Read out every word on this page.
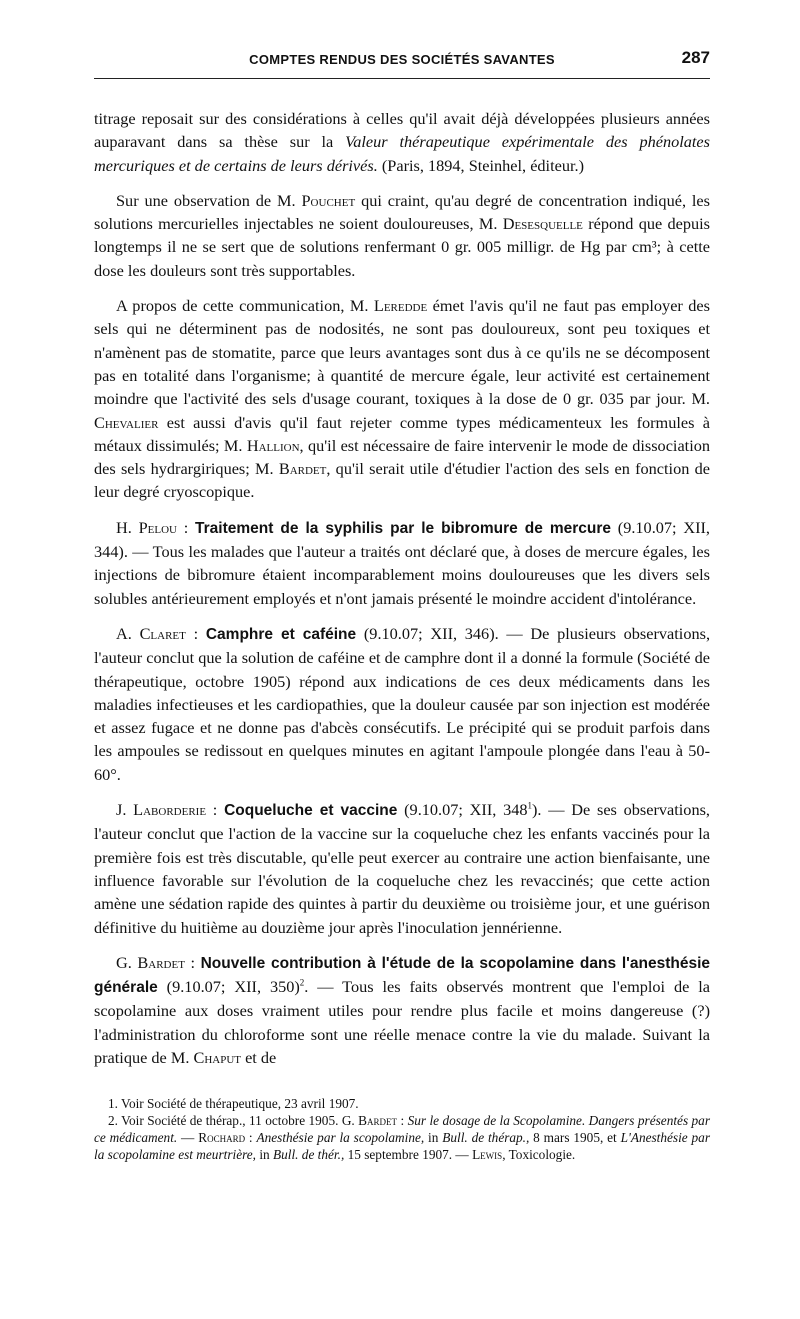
COMPTES RENDUS DES SOCIÉTÉS SAVANTES	287

titrage reposait sur des considérations à celles qu'il avait déjà développées plusieurs années auparavant dans sa thèse sur la Valeur thérapeutique expérimentale des phénolates mercuriques et de certains de leurs dérivés. (Paris, 1894, Steinhel, éditeur.)

Sur une observation de M. Pouchet qui craint, qu'au degré de concentration indiqué, les solutions mercurielles injectables ne soient douloureuses, M. Desesquelle répond que depuis longtemps il ne se sert que de solutions renfermant 0 gr. 005 milligr. de Hg par cm³; à cette dose les douleurs sont très supportables.

A propos de cette communication, M. Leredde émet l'avis qu'il ne faut pas employer des sels qui ne déterminent pas de nodosités, ne sont pas douloureux, sont peu toxiques et n'amènent pas de stomatite, parce que leurs avantages sont dus à ce qu'ils ne se décomposent pas en totalité dans l'organisme; à quantité de mercure égale, leur activité est certainement moindre que l'activité des sels d'usage courant, toxiques à la dose de 0 gr. 035 par jour. M. Chevalier est aussi d'avis qu'il faut rejeter comme types médicamenteux les formules à métaux dissimulés; M. Hallion, qu'il est nécessaire de faire intervenir le mode de dissociation des sels hydrargiriques; M. Bardet, qu'il serait utile d'étudier l'action des sels en fonction de leur degré cryoscopique.

H. Pelou : Traitement de la syphilis par le bibromure de mercure (9.10.07; XII, 344). — Tous les malades que l'auteur a traités ont déclaré que, à doses de mercure égales, les injections de bibromure étaient incomparablement moins douloureuses que les divers sels solubles antérieurement employés et n'ont jamais présenté le moindre accident d'intolérance.

A. Claret : Camphre et caféine (9.10.07; XII, 346). — De plusieurs observations, l'auteur conclut que la solution de caféine et de camphre dont il a donné la formule (Société de thérapeutique, octobre 1905) répond aux indications de ces deux médicaments dans les maladies infectieuses et les cardiopathies, que la douleur causée par son injection est modérée et assez fugace et ne donne pas d'abcès consécutifs. Le précipité qui se produit parfois dans les ampoules se redissout en quelques minutes en agitant l'ampoule plongée dans l'eau à 50-60°.

J. Laborderie : Coqueluche et vaccine (9.10.07; XII, $348^1$). — De ses observations, l'auteur conclut que l'action de la vaccine sur la coqueluche chez les enfants vaccinés pour la première fois est très discutable, qu'elle peut exercer au contraire une action bienfaisante, une influence favorable sur l'évolution de la coqueluche chez les revaccinés; que cette action amène une sédation rapide des quintes à partir du deuxième ou troisième jour, et une guérison définitive du huitième au douzième jour après l'inoculation jennérienne.

G. Bardet : Nouvelle contribution à l'étude de la scopolamine dans l'anesthésie générale (9.10.07; XII, 350)$^2$. — Tous les faits observés montrent que l'emploi de la scopolamine aux doses vraiment utiles pour rendre plus facile et moins dangereuse (?) l'administration du chloroforme sont une réelle menace contre la vie du malade. Suivant la pratique de M. Chaput et de

1. Voir Société de thérapeutique, 23 avril 1907.

2. Voir Société de thérap., 11 octobre 1905. G. Bardet : Sur le dosage de la Scopolamine. Dangers présentés par ce médicament. — Rochard : Anesthésie par la scopolamine, in Bull. de thérap., 8 mars 1905, et L'Anesthésie par la scopolamine est meurtrière, in Bull. de thér., 15 septembre 1907. — Lewis, Toxicologie.
